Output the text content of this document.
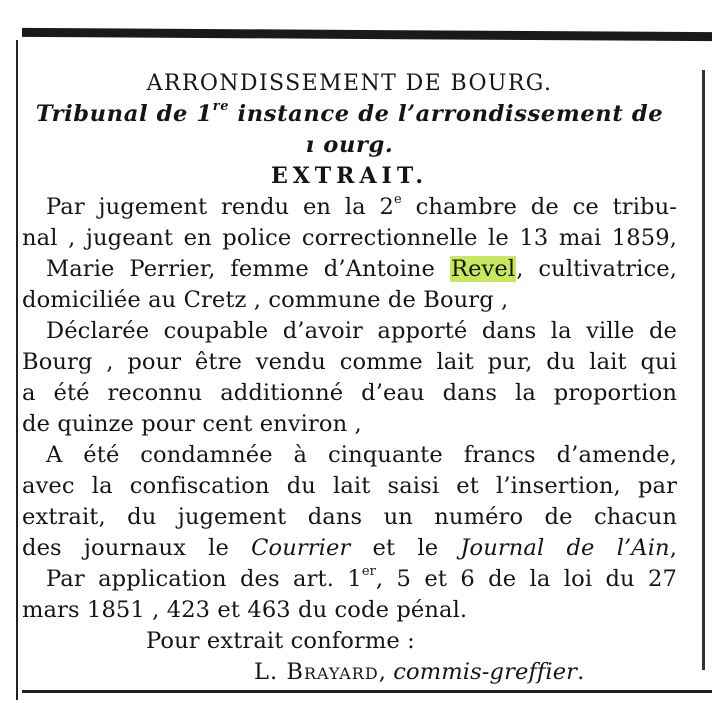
ARRONDISSEMENT DE BOURG.
Tribunal de 1re instance de l’arrondissement de
ı ourg.
EXTRAIT.
Par jugement rendu en la 2e chambre de ce tribu-
nal , jugeant en police correctionnelle le 13 mai 1859,
Marie Perrier, femme d’Antoine Revel, cultivatrice,
domiciliée au Cretz , commune de Bourg ,
Déclarée coupable d’avoir apporté dans la ville de
Bourg , pour être vendu comme lait pur, du lait qui
a été reconnu additionné d’eau dans la proportion
de quinze pour cent environ ,
A été condamnée à cinquante francs d’amende,
avec la confiscation du lait saisi et l’insertion, par
extrait, du jugement dans un numéro de chacun
des journaux le Courrier et le Journal de l’Ain,
Par application des art. 1er, 5 et 6 de la loi du 27
mars 1851 , 423 et 463 du code pénal.
Pour extrait conforme :
L. Brayard, commis-greffier.
